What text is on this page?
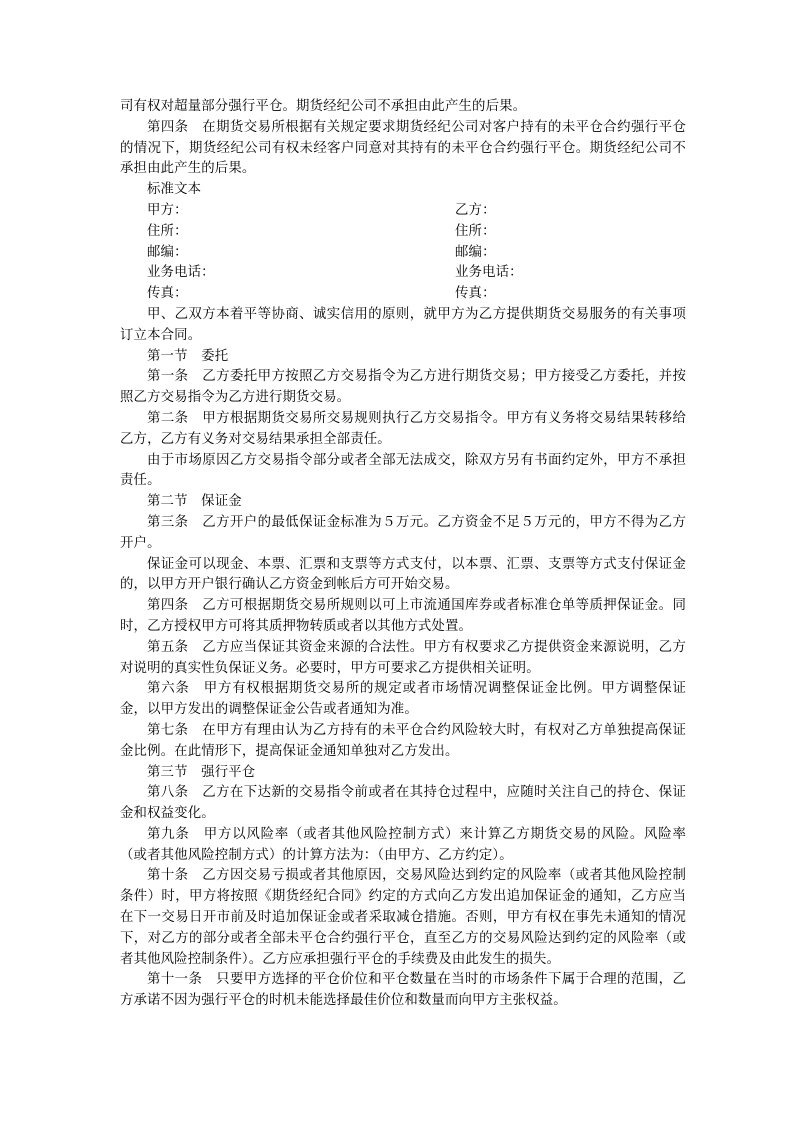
司有权对超量部分强行平仓。期货经纪公司不承担由此产生的后果。

第四条　在期货交易所根据有关规定要求期货经纪公司对客户持有的未平仓合约强行平仓的情况下，期货经纪公司有权未经客户同意对其持有的未平仓合约强行平仓。期货经纪公司不承担由此产生的后果。

标准文本

甲方：	乙方：
住所：	住所：
邮编：	邮编：
业务电话：	业务电话：
传真：	传真：

甲、乙双方本着平等协商、诚实信用的原则，就甲方为乙方提供期货交易服务的有关事项订立本合同。

第一节　委托

第一条　乙方委托甲方按照乙方交易指令为乙方进行期货交易；甲方接受乙方委托，并按照乙方交易指令为乙方进行期货交易。

第二条　甲方根据期货交易所交易规则执行乙方交易指令。甲方有义务将交易结果转移给乙方，乙方有义务对交易结果承担全部责任。

由于市场原因乙方交易指令部分或者全部无法成交，除双方另有书面约定外，甲方不承担责任。

第二节　保证金

第三条　乙方开户的最低保证金标准为５万元。乙方资金不足５万元的，甲方不得为乙方开户。

保证金可以现金、本票、汇票和支票等方式支付，以本票、汇票、支票等方式支付保证金的，以甲方开户银行确认乙方资金到帐后方可开始交易。

第四条　乙方可根据期货交易所规则以可上市流通国库券或者标准仓单等质押保证金。同时，乙方授权甲方可将其质押物转质或者以其他方式处置。

第五条　乙方应当保证其资金来源的合法性。甲方有权要求乙方提供资金来源说明，乙方对说明的真实性负保证义务。必要时，甲方可要求乙方提供相关证明。

第六条　甲方有权根据期货交易所的规定或者市场情况调整保证金比例。甲方调整保证金，以甲方发出的调整保证金公告或者通知为准。

第七条　在甲方有理由认为乙方持有的未平仓合约风险较大时，有权对乙方单独提高保证金比例。在此情形下，提高保证金通知单独对乙方发出。

第三节　强行平仓

第八条　乙方在下达新的交易指令前或者在其持仓过程中，应随时关注自己的持仓、保证金和权益变化。

第九条　甲方以风险率（或者其他风险控制方式）来计算乙方期货交易的风险。风险率（或者其他风险控制方式）的计算方法为：（由甲方、乙方约定）。

第十条　乙方因交易亏损或者其他原因，交易风险达到约定的风险率（或者其他风险控制条件）时，甲方将按照《期货经纪合同》约定的方式向乙方发出追加保证金的通知，乙方应当在下一交易日开市前及时追加保证金或者采取减仓措施。否则，甲方有权在事先未通知的情况下，对乙方的部分或者全部未平仓合约强行平仓，直至乙方的交易风险达到约定的风险率（或者其他风险控制条件）。乙方应承担强行平仓的手续费及由此发生的损失。

第十一条　只要甲方选择的平仓价位和平仓数量在当时的市场条件下属于合理的范围，乙方承诺不因为强行平仓的时机未能选择最佳价位和数量而向甲方主张权益。
